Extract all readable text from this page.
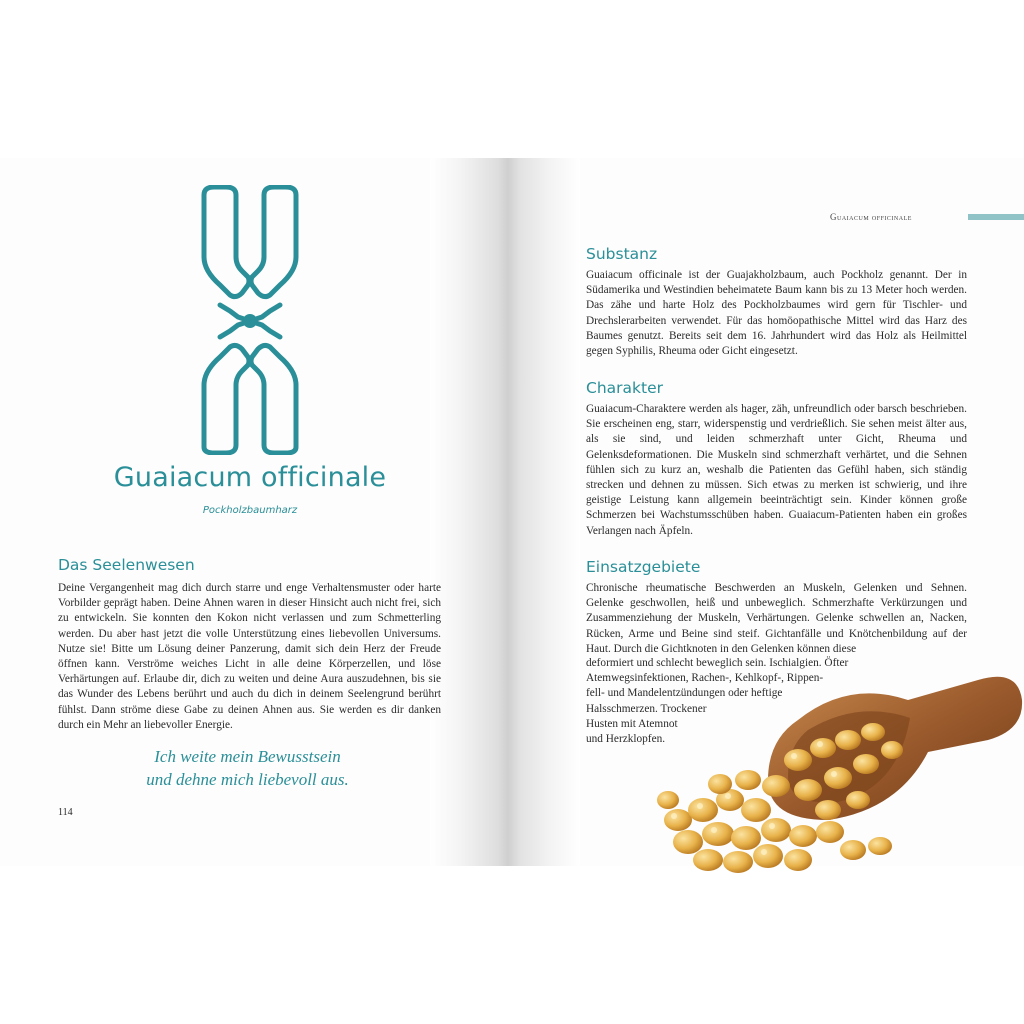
Guaiacum officinale
Pockholzbaumharz
Das Seelenwesen
Deine Vergangenheit mag dich durch starre und enge Verhaltensmuster oder harte Vorbilder geprägt haben. Deine Ahnen waren in dieser Hinsicht auch nicht frei, sich zu entwickeln. Sie konnten den Kokon nicht verlassen und zum Schmetterling werden. Du aber hast jetzt die volle Unterstützung eines liebevollen Universums. Nutze sie! Bitte um Lösung deiner Panzerung, damit sich dein Herz der Freude öffnen kann. Verströme weiches Licht in alle deine Körperzellen, und löse Verhärtungen auf. Erlaube dir, dich zu weiten und deine Aura auszudehnen, bis sie das Wunder des Lebens berührt und auch du dich in deinem Seelengrund berührt fühlst. Dann ströme diese Gabe zu deinen Ahnen aus. Sie werden es dir danken durch ein Mehr an liebevoller Energie.
Ich weite mein Bewusstsein
und dehne mich liebevoll aus.
114
Guaiacum officinale
Substanz

Guaiacum officinale ist der Guajakholzbaum, auch Pockholz genannt. Der in Südamerika und Westindien beheimatete Baum kann bis zu 13 Meter hoch werden. Das zähe und harte Holz des Pockholzbaumes wird gern für Tischler- und Drechslerarbeiten verwendet. Für das homöopathische Mittel wird das Harz des Baumes genutzt. Bereits seit dem 16. Jahrhundert wird das Holz als Heilmittel gegen Syphilis, Rheuma oder Gicht eingesetzt.

Charakter

Guaiacum-Charaktere werden als hager, zäh, unfreundlich oder barsch beschrieben. Sie erscheinen eng, starr, widerspenstig und verdrießlich. Sie sehen meist älter aus, als sie sind, und leiden schmerzhaft unter Gicht, Rheuma und Gelenksdeformationen. Die Muskeln sind schmerzhaft verhärtet, und die Sehnen fühlen sich zu kurz an, weshalb die Patienten das Gefühl haben, sich ständig strecken und dehnen zu müssen. Sich etwas zu merken ist schwierig, und ihre geistige Leistung kann allgemein beeinträchtigt sein. Kinder können große Schmerzen bei Wachstumsschüben haben. Guaiacum-Patienten haben ein großes Verlangen nach Äpfeln.

Einsatzgebiete

Chronische rheumatische Beschwerden an Muskeln, Gelenken und Sehnen. Gelenke geschwollen, heiß und unbeweglich. Schmerzhafte Verkürzungen und Zusammenziehung der Muskeln, Verhärtungen. Gelenke schwellen an, Nacken, Rücken, Arme und Beine sind steif. Gichtanfälle und Knötchenbildung auf der Haut. Durch die Gichtknoten in den Gelenken können diese

deformiert und schlecht beweglich sein. Ischialgien. Öfter
Atemwegsinfektionen, Rachen-, Kehlkopf-, Rippen-
fell- und Mandelentzündungen oder heftige
Halsschmerzen. Trockener
Husten mit Atemnot
und Herzklopfen.
